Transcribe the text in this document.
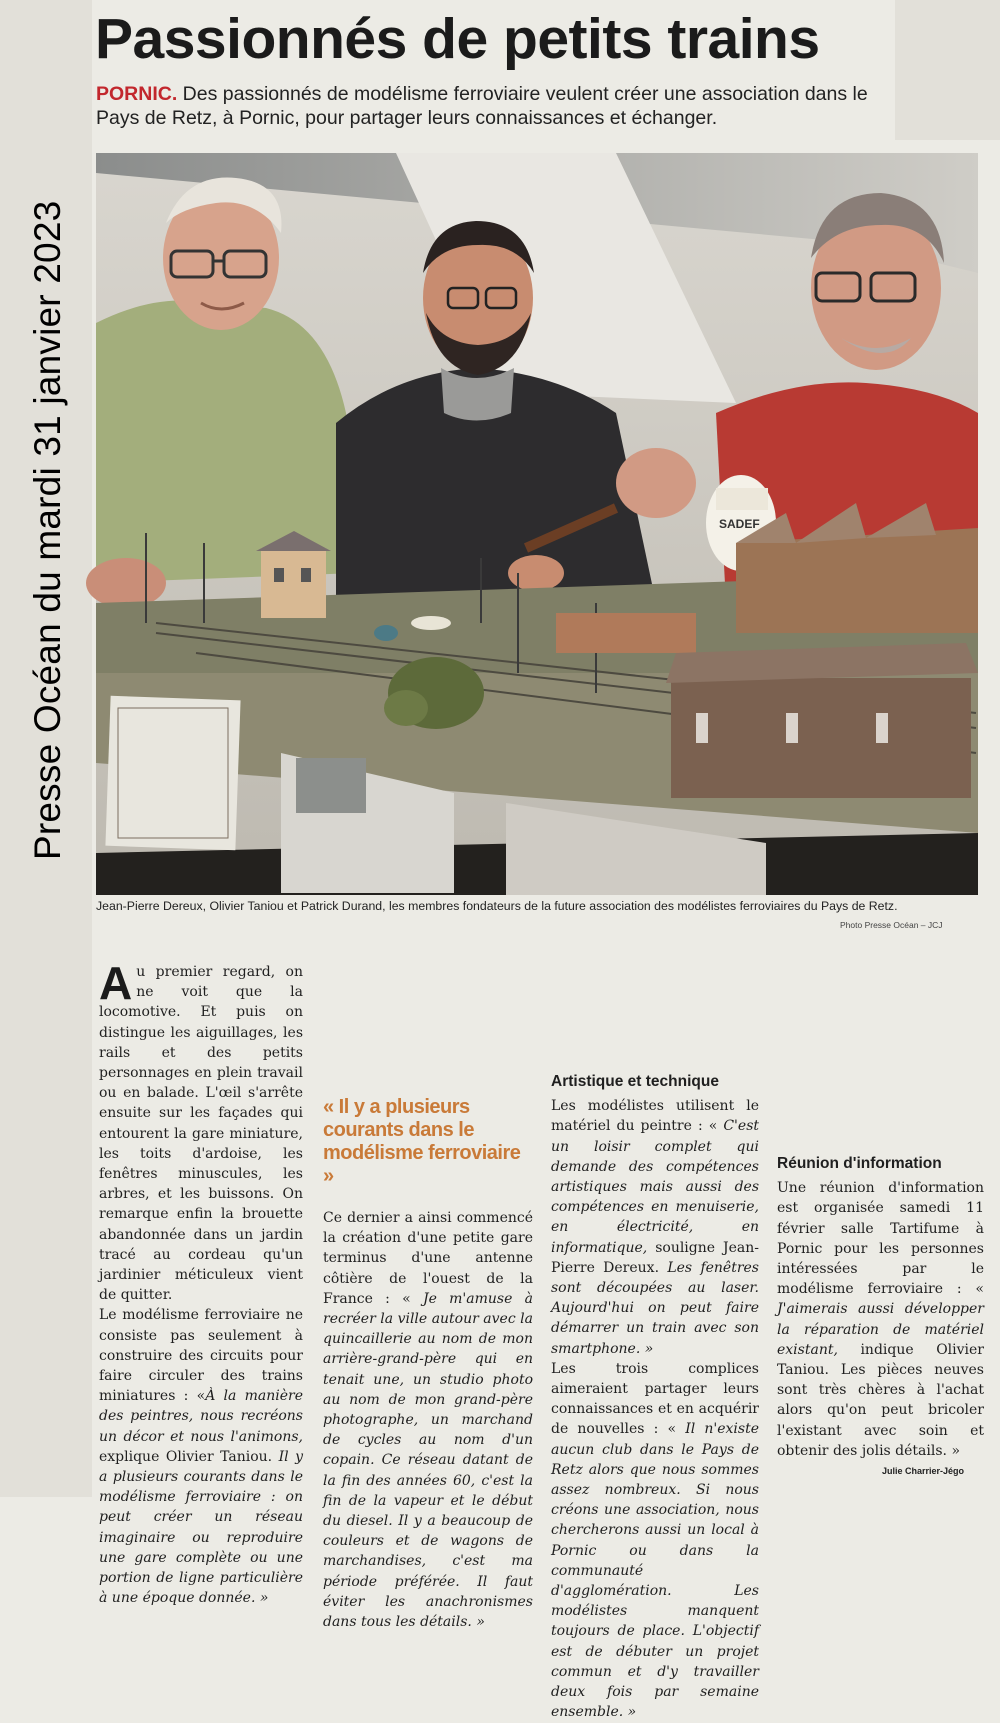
Presse Océan du mardi 31 janvier 2023
Passionnés de petits trains
PORNIC. Des passionnés de modélisme ferroviaire veulent créer une association dans le Pays de Retz, à Pornic, pour partager leurs connaissances et échanger.
SADEF
Jean-Pierre Dereux, Olivier Taniou et Patrick Durand, les membres fondateurs de la future association des modélistes ferroviaires du Pays de Retz.
Photo Presse Océan – JCJ

Au premier regard, on ne voit que la locomotive. Et puis on distingue les aiguillages, les rails et des petits personnages en plein travail ou en balade. L'œil s'arrête ensuite sur les façades qui entourent la gare miniature, les toits d'ardoise, les fenêtres minuscules, les arbres, et les buissons. On remarque enfin la brouette abandonnée dans un jardin tracé au cordeau qu'un jardinier méticuleux vient de quitter.

Le modélisme ferroviaire ne consiste pas seulement à construire des circuits pour faire circuler des trains miniatures : «À la manière des peintres, nous recréons un décor et nous l'animons, explique Olivier Taniou. Il y a plusieurs courants dans le modélisme ferroviaire : on peut créer un réseau imaginaire ou reproduire une gare complète ou une portion de ligne particulière à une époque donnée. »

« Il y a plusieurs courants dans le modélisme ferroviaire »

Ce dernier a ainsi commencé la création d'une petite gare terminus d'une antenne côtière de l'ouest de la France : « Je m'amuse à recréer la ville autour avec la quincaillerie au nom de mon arrière-grand-père qui en tenait une, un studio photo au nom de mon grand-père photographe, un marchand de cycles au nom d'un copain. Ce réseau datant de la fin des années 60, c'est la fin de la vapeur et le début du diesel. Il y a beaucoup de couleurs et de wagons de marchandises, c'est ma période préférée. Il faut éviter les anachronismes dans tous les détails. »

Artistique et technique

Les modélistes utilisent le matériel du peintre : « C'est un loisir complet qui demande des compétences artistiques mais aussi des compétences en menuiserie, en électricité, en informatique, souligne Jean-Pierre Dereux. Les fenêtres sont découpées au laser. Aujourd'hui on peut faire démarrer un train avec son smartphone. »

Les trois complices aimeraient partager leurs connaissances et en acquérir de nouvelles : « Il n'existe aucun club dans le Pays de Retz alors que nous sommes assez nombreux. Si nous créons une association, nous chercherons aussi un local à Pornic ou dans la communauté d'agglomération. Les modélistes manquent toujours de place. L'objectif est de débuter un projet commun et d'y travailler deux fois par semaine ensemble. »

Réunion d'information

Une réunion d'information est organisée samedi 11 février salle Tartifume à Pornic pour les personnes intéressées par le modélisme ferroviaire : « J'aimerais aussi développer la réparation de matériel existant, indique Olivier Taniou. Les pièces neuves sont très chères à l'achat alors qu'on peut bricoler l'existant avec soin et obtenir des jolis détails. »

Julie Charrier-Jégo
